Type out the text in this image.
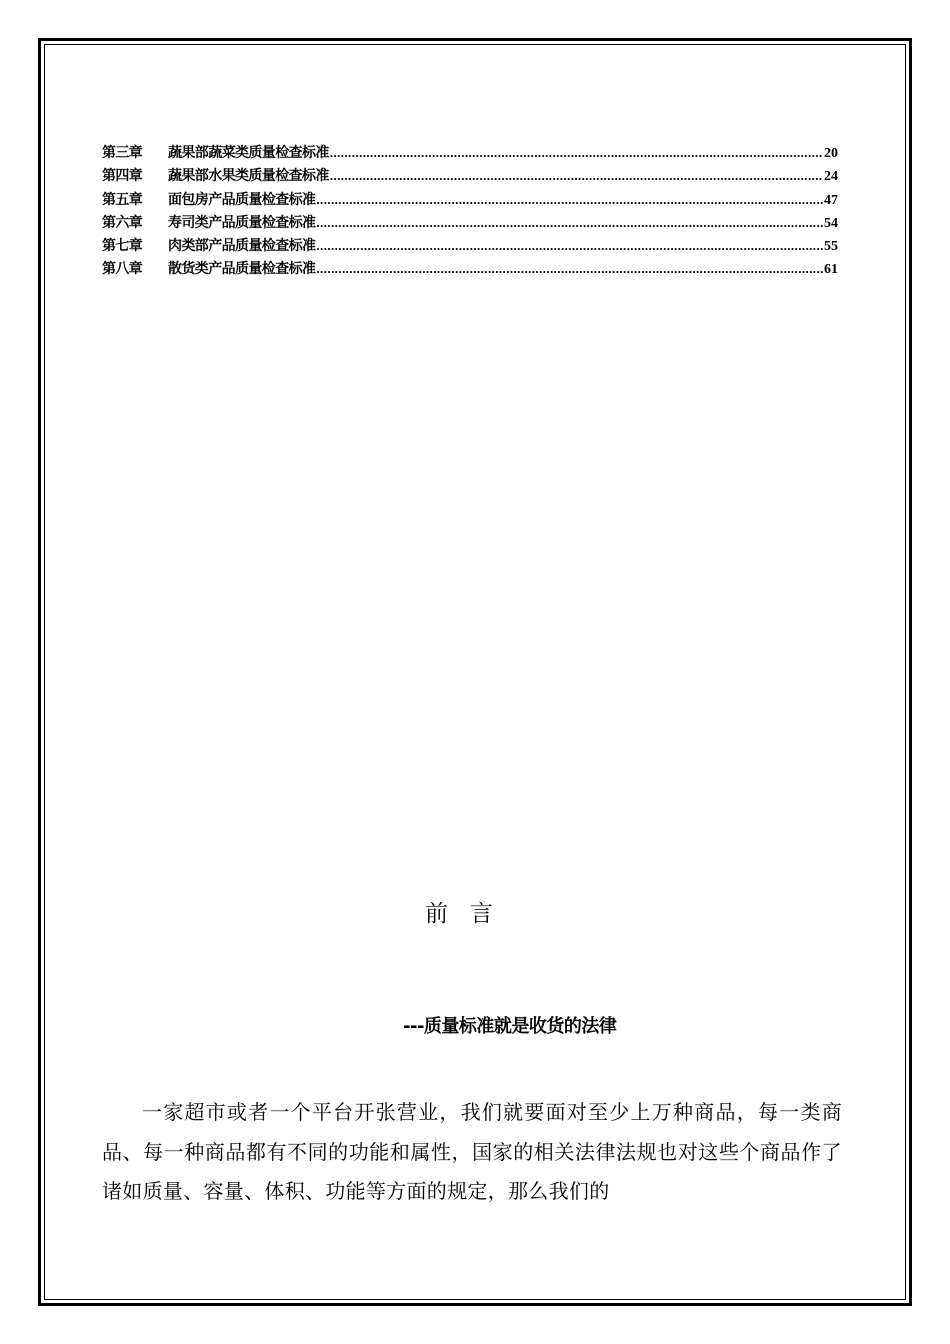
第三章	蔬果部蔬菜类质量检查标准 .....	20
第四章	蔬果部水果类质量检查标准 .....	24
第五章	面包房产品质量检查标准 .....	47
第六章	寿司类产品质量检查标准 .....	54
第七章	肉类部产品质量检查标准 .....	55
第八章	散货类产品质量检查标准 .....	61
前言
---质量标准就是收货的法律
一家超市或者一个平台开张营业，我们就要面对至少上万种商品，每一类商品、每一种商品都有不同的功能和属性，国家的相关法律法规也对这些个商品作了诸如质量、容量、体积、功能等方面的规定，那么我们的
